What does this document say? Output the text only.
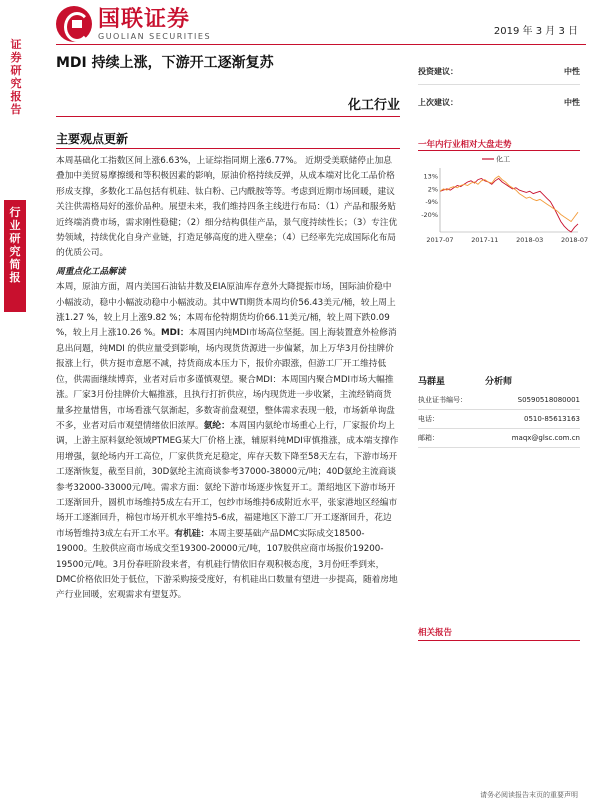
国联证券
GUOLIAN SECURITIES	2019 年 3 月 3 日
证券研究报告
行业研究简报
MDI 持续上涨，下游开工逐渐复苏
化工行业
投资建议：	中性
上次建议：	中性
主要观点更新

本周基础化工指数区间上涨6.63%，上证综指同期上涨6.77%。 近期受美联储停止加息叠加中美贸易摩擦缓和等积极因素的影响，原油价格持续反弹，从成本端对比化工品价格形成支撑，多数化工品包括有机硅、钛白粉、己内酰胺等等。考虑到近期市场回暖，建议关注供需格局好的涨价品种。展望未来，我们维持四条主线进行布局：（1）产品和服务贴近终端消费市场，需求刚性稳健；（2）细分结构俱佳产品，景气度持续性长；（3）专注优势领域，持续优化自身产业链，打造足够高度的进入壁垒；（4）已经率先完成国际化布局的优质公司。

周重点化工品解读

本周，原油方面，周内美国石油钻井数及EIA原油库存意外大降提振市场，国际油价稳中小幅波动，稳中小幅波动稳中小幅波动。其中WTI期货本周均价56.43美元/桶，较上周上涨1.27 %，较上月上涨9.82 %；本周布伦特期货均价66.11美元/桶，较上周下跌0.09 %，较上月上涨10.26 %。MDI：本周国内纯MDI市场高位坚挺。国上海装置意外检修消息出问题，纯MDI 的供应量受到影响，场内现货货源进一步偏紧，加上万华3月份挂牌价报涨上行，供方挺市意愿不减，持货商成本压力下，报价亦跟涨，但游工厂开工维持低位，供需面继续博弈，业者对后市多谨慎观望。聚合MDI：本周国内聚合MDI市场大幅推涨。厂家3月份挂牌价大幅推涨，且执行打折供应，场内现货进一步收紧，主流经销商货量多控量惜售，市场看涨气氛渐起，多数寄前盘观望，整体需求表现一般，市场新单询盘不多，业者对后市观望情绪依旧浓厚。氨纶：本周国内氨纶市场重心上行，厂家报价均上调，上游主原料氨纶领域PTMEG某大厂价格上涨，辅原料纯MDI审慎推涨，成本端支撑作用增强，氨纶场内开工高位，厂家供货充足稳定，库存天数下降至58天左右，下游市场开工逐渐恢复，截至目前，30D氨纶主流商谈参考37000-38000元/吨；40D氨纶主流商谈参考32000-33000元/吨。需求方面：氨纶下游市场逐步恢复开工。萧绍地区下游市场开工逐渐回升，圆机市场维持5成左右开工，包纱市场维持6成附近水平，张家港地区经编市场开工逐渐回升，棉包市场开机水平维持5-6成，福建地区下游工厂开工逐渐回升，花边市场暂维持3成左右开工水平。有机硅：本周主要基础产品DMC实际成交18500-19000。生胶供应商市场成交至19300-20000元/吨，107胶供应商市场报价19200-19500元/吨。3月份春旺阶段来者，有机硅行情依旧存观积极态度，3月份旺季到来，DMC价格依旧处于低位，下游采购接受度好，有机硅出口数量有望进一步提高，随着房地产行业回暖，宏观需求有望复苏。

一年内行业相对大盘走势
13%
2%
-9%
-20%
2017-07	2017-11	2018-03	2018-07
化工
马群星	分析师
执业证书编号：	S0590518080001
电话：	0510-85613163
邮箱：	maqx@glsc.com.cn
相关报告
请务必阅读报告末页的重要声明
